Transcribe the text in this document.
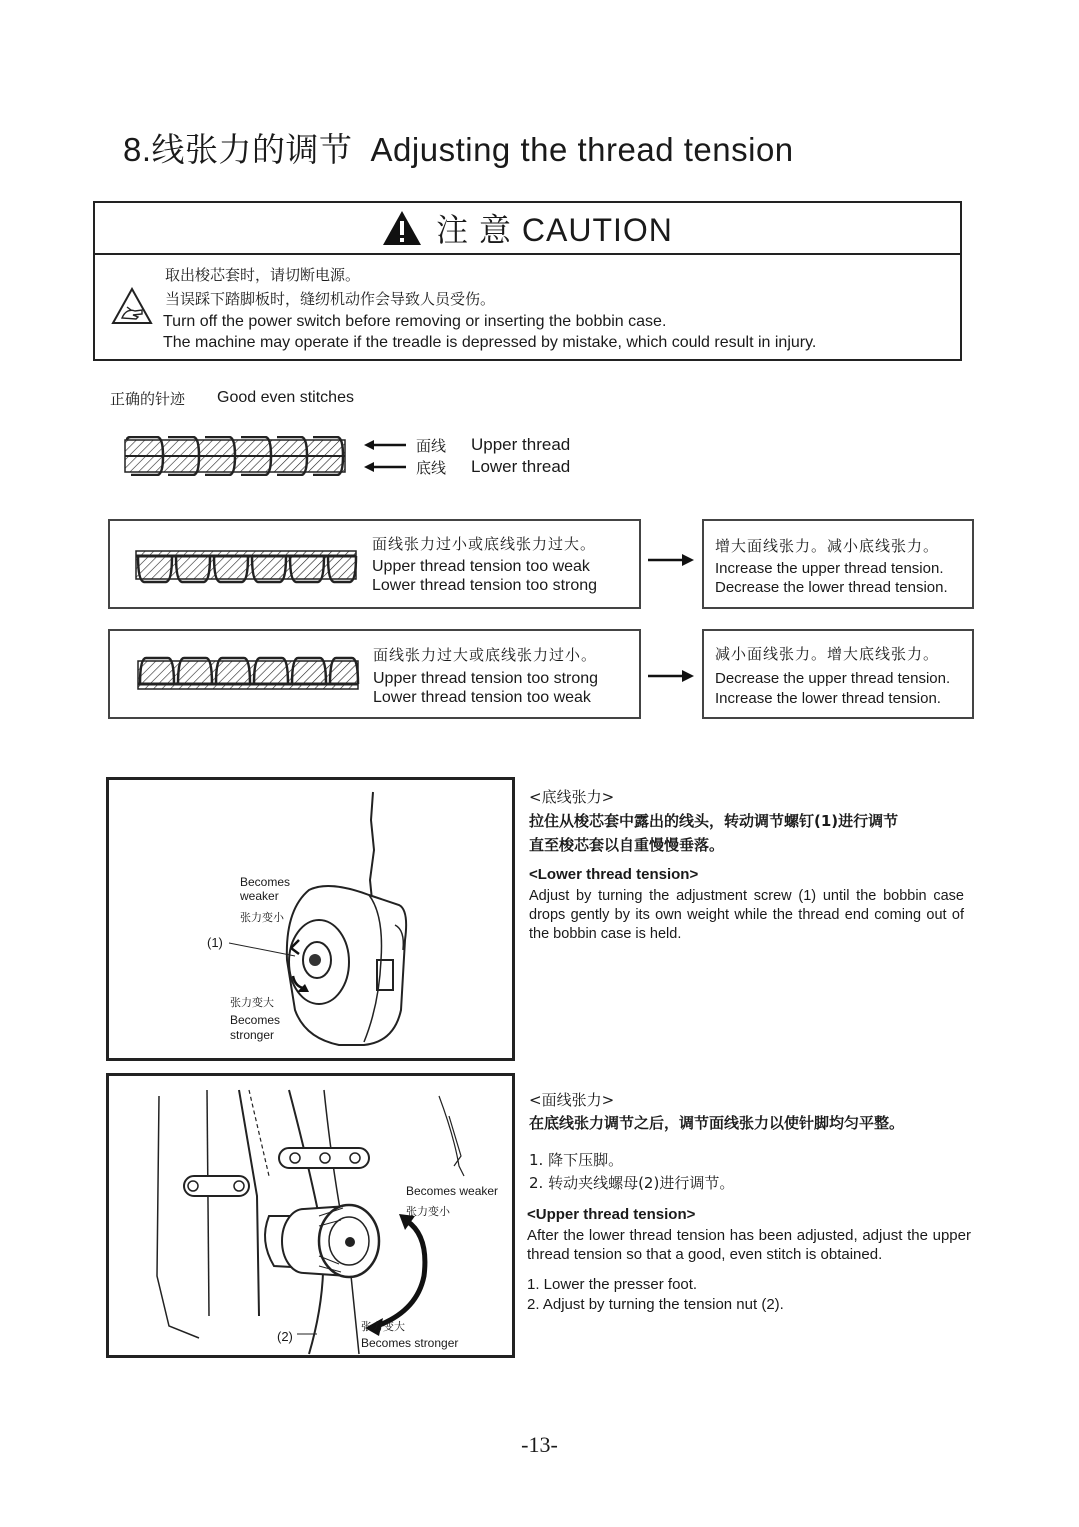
8.线张力的调节 Adjusting the thread tension
注 意 CAUTION
取出梭芯套时，请切断电源。
当误踩下踏脚板时，缝纫机动作会导致人员受伤。
Turn off the power switch before removing or inserting the bobbin case.
The machine may operate if the treadle is depressed by mistake, which could result in injury.
正确的针迹 Good even stitches
面线 Upper thread
底线 Lower thread
面线张力过小或底线张力过大。
Upper thread tension too weak
Lower thread tension too strong
增大面线张力。减小底线张力。
Increase the upper thread tension.
Decrease the lower thread tension.
面线张力过大或底线张力过小。
Upper thread tension too strong
Lower thread tension too weak
减小面线张力。增大底线张力。
Decrease the upper thread tension.
Increase the lower thread tension.
Becomes
weaker
张力变小
(1)
张力变大
Becomes
stronger
<底线张力>
拉住从梭芯套中露出的线头，转动调节螺钉(1)进行调节
直至梭芯套以自重慢慢垂落。
<Lower thread tension>
Adjust by turning the adjustment screw (1) until the bobbin case drops gently by its own weight while the thread end coming out of the bobbin case is held.
Becomes weaker
张力变小
(2)
张力变大
Becomes stronger
<面线张力>
在底线张力调节之后，调节面线张力以使针脚均匀平整。
1. 降下压脚。
2. 转动夹线螺母(2)进行调节。
<Upper thread tension>
After the lower thread tension has been adjusted, adjust the upper thread tension so that a good, even stitch is obtained.
1. Lower the presser foot.
2. Adjust by turning the tension nut (2).
-13-
